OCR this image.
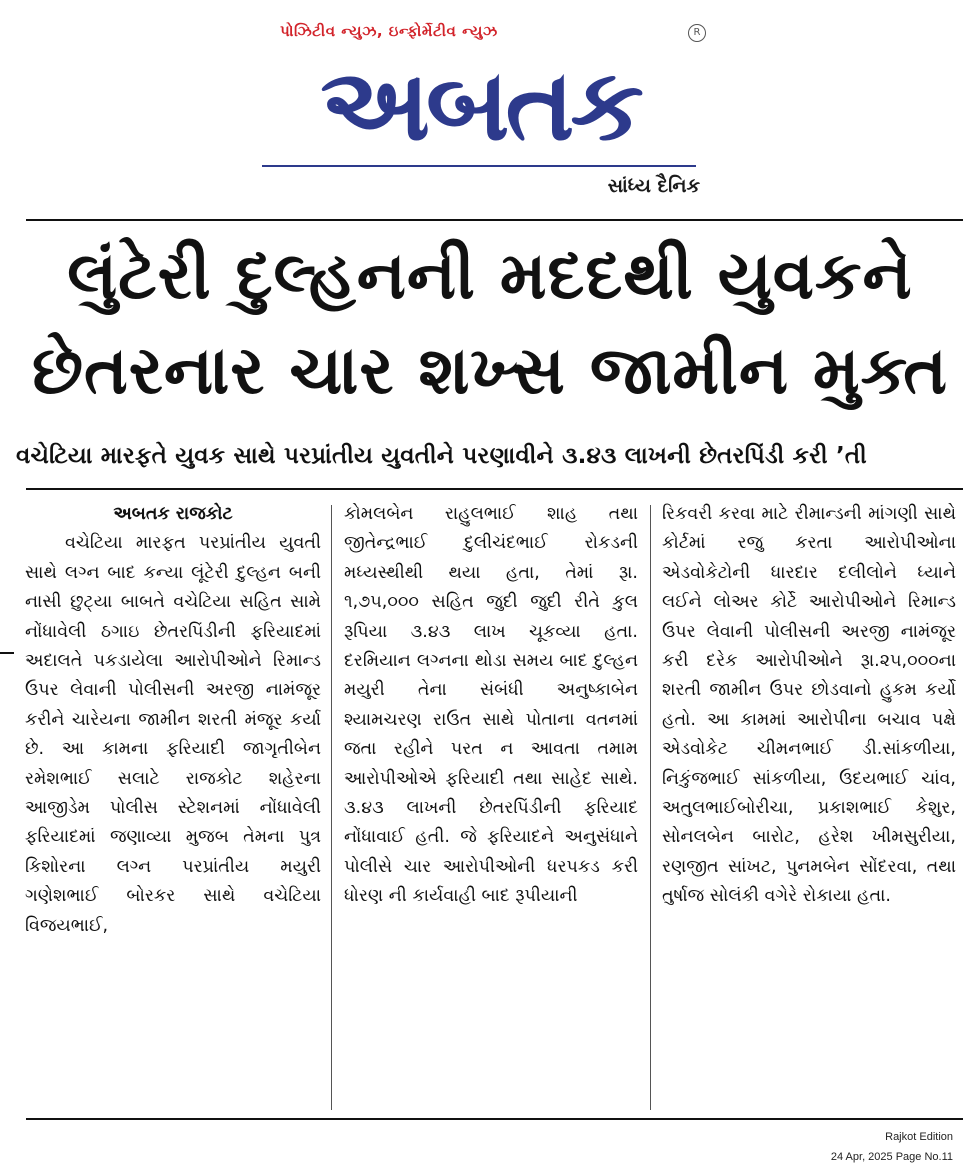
પોઝિટીવ ન્યુઝ, ઇન્ફોર્મેટીવ ન્યુઝ	R
અબતક
સાંધ્ય દૈનિક
લુંટેરી દુલ્હનની મદદથી યુવકને
છેતરનાર ચાર શખ્સ જામીન મુક્ત
વચેટિયા મારફતે યુવક સાથે પરપ્રાંતીય યુવતીને પરણાવીને ૩.૪૩ લાખની છેતરપિંડી કરી ’તી
અબતક રાજકોટ

વચેટિયા મારફત પરપ્રાંતીય યુવતી સાથે લગ્ન બાદ કન્યા લૂંટેરી દુલ્હન બની નાસી છુટ્યા બાબતે વચેટિયા સહિત સામે નોંધાવેલી ઠગાઇ છેતરપિંડીની ફરિયાદમાં અદાલતે પકડાયેલા આરોપીઓને રિમાન્ડ ઉપર લેવાની પોલીસની અરજી નામંજૂર કરીને ચારેયના જામીન શરતી મંજૂર કર્યા છે. આ કામના ફરિયાદી જાગૃતીબેન રમેશભાઈ સલાટે રાજકોટ શહેરના આજીડેમ પોલીસ સ્ટેશનમાં નોંધાવેલી ફરિયાદમાં જણાવ્યા મુજબ તેમના પુત્ર કિશોરના લગ્ન પરપ્રાંતીય મયુરી ગણેશભાઈ બોરકર સાથે વચેટિયા વિજયભાઈ,

કોમલબેન રાહુલભાઈ શાહ તથા જીતેન્દ્રભાઈ દુલીચંદભાઈ રોકડની મધ્યસ્થીથી થયા હતા, તેમાં રૂા. ૧,૭૫,૦૦૦ સહિત જુદી જુદી રીતે કુલ રૂપિયા ૩.૪૩ લાખ ચૂકવ્યા હતા. દરમિયાન લગ્નના થોડા સમય બાદ દુલ્હન મયુરી તેના સંબંધી અનુષ્કાબેન શ્યામચરણ રાઉત સાથે પોતાના વતનમાં જતા રહીને પરત ન આવતા તમામ આરોપીઓએ ફરિયાદી તથા સાહેદ સાથે. ૩.૪૩ લાખની છેતરપિંડીની ફરિયાદ નોંધાવાઈ હતી. જે ફરિયાદને અનુસંધાને પોલીસે ચાર આરોપીઓની ધરપકડ કરી ધોરણ ની કાર્યવાહી બાદ રૂપીયાની

રિકવરી કરવા માટે રીમાન્ડની માંગણી સાથે કોર્ટમાં રજુ કરતા આરોપીઓના એડવોકેટોની ધારદાર દલીલોને ધ્યાને લઈને લોઅર કોર્ટે આરોપીઓને રિમાન્ડ ઉપર લેવાની પોલીસની અરજી નામંજૂર કરી દરેક આરોપીઓને રૂા.૨૫,૦૦૦ના શરતી જામીન ઉપર છોડવાનો હુકમ કર્યો હતો. આ કામમાં આરોપીના બચાવ પક્ષે એડવોકેટ ચીમનભાઈ ડી.સાંકળીયા, નિકુંજભાઈ સાંકળીયા, ઉદયભાઈ ચાંવ, અતુલભાઈબોરીચા, પ્રકાશભાઈ કેશુર, સોનલબેન બારોટ, હરેશ ખીમસુરીયા, રણજીત સાંખટ, પુનમબેન સોંદરવા, તથા તુર્ષાજ સોલંકી વગેરે રોકાયા હતા.

Rajkot Edition
24 Apr, 2025 Page No.11
